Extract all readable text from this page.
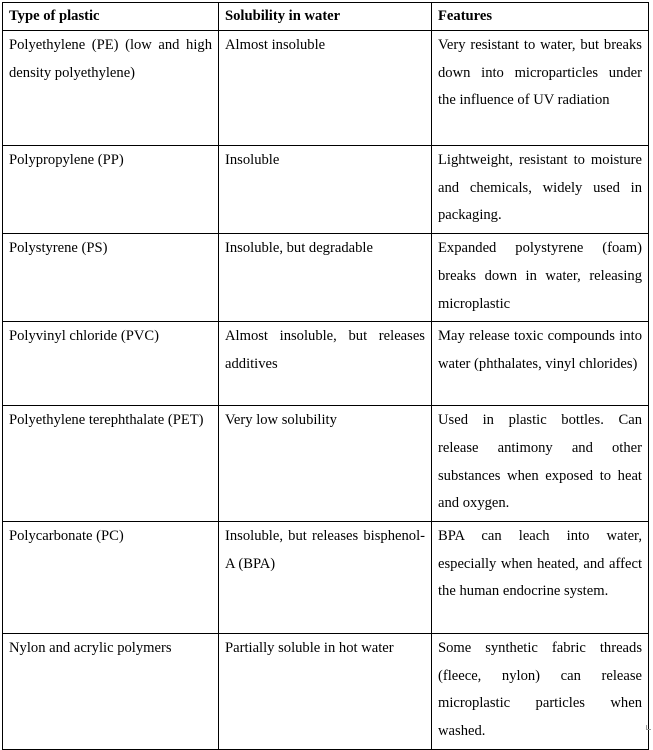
Type of plastic	Solubility in water	Features
Polyethylene (PE) (low and high density polyethylene)	Almost insoluble	Very resistant to water, but breaks down into microparticles under the influence of UV radiation
Polypropylene (PP)	Insoluble	Lightweight, resistant to moisture and chemicals, widely used in packaging.
Polystyrene (PS)	Insoluble, but degradable	Expanded polystyrene (foam) breaks down in water, releasing microplastic
Polyvinyl chloride (PVC)	Almost insoluble, but releases additives	May release toxic compounds into water (phthalates, vinyl chlorides)
Polyethylene terephthalate (PET)	Very low solubility	Used in plastic bottles. Can release antimony and other substances when exposed to heat and oxygen.
Polycarbonate (PC)	Insoluble, but releases bisphenol-A (BPA)	BPA can leach into water, especially when heated, and affect the human endocrine system.
Nylon and acrylic polymers	Partially soluble in hot water	Some synthetic fabric threads (fleece, nylon) can release microplastic particles when washed.
